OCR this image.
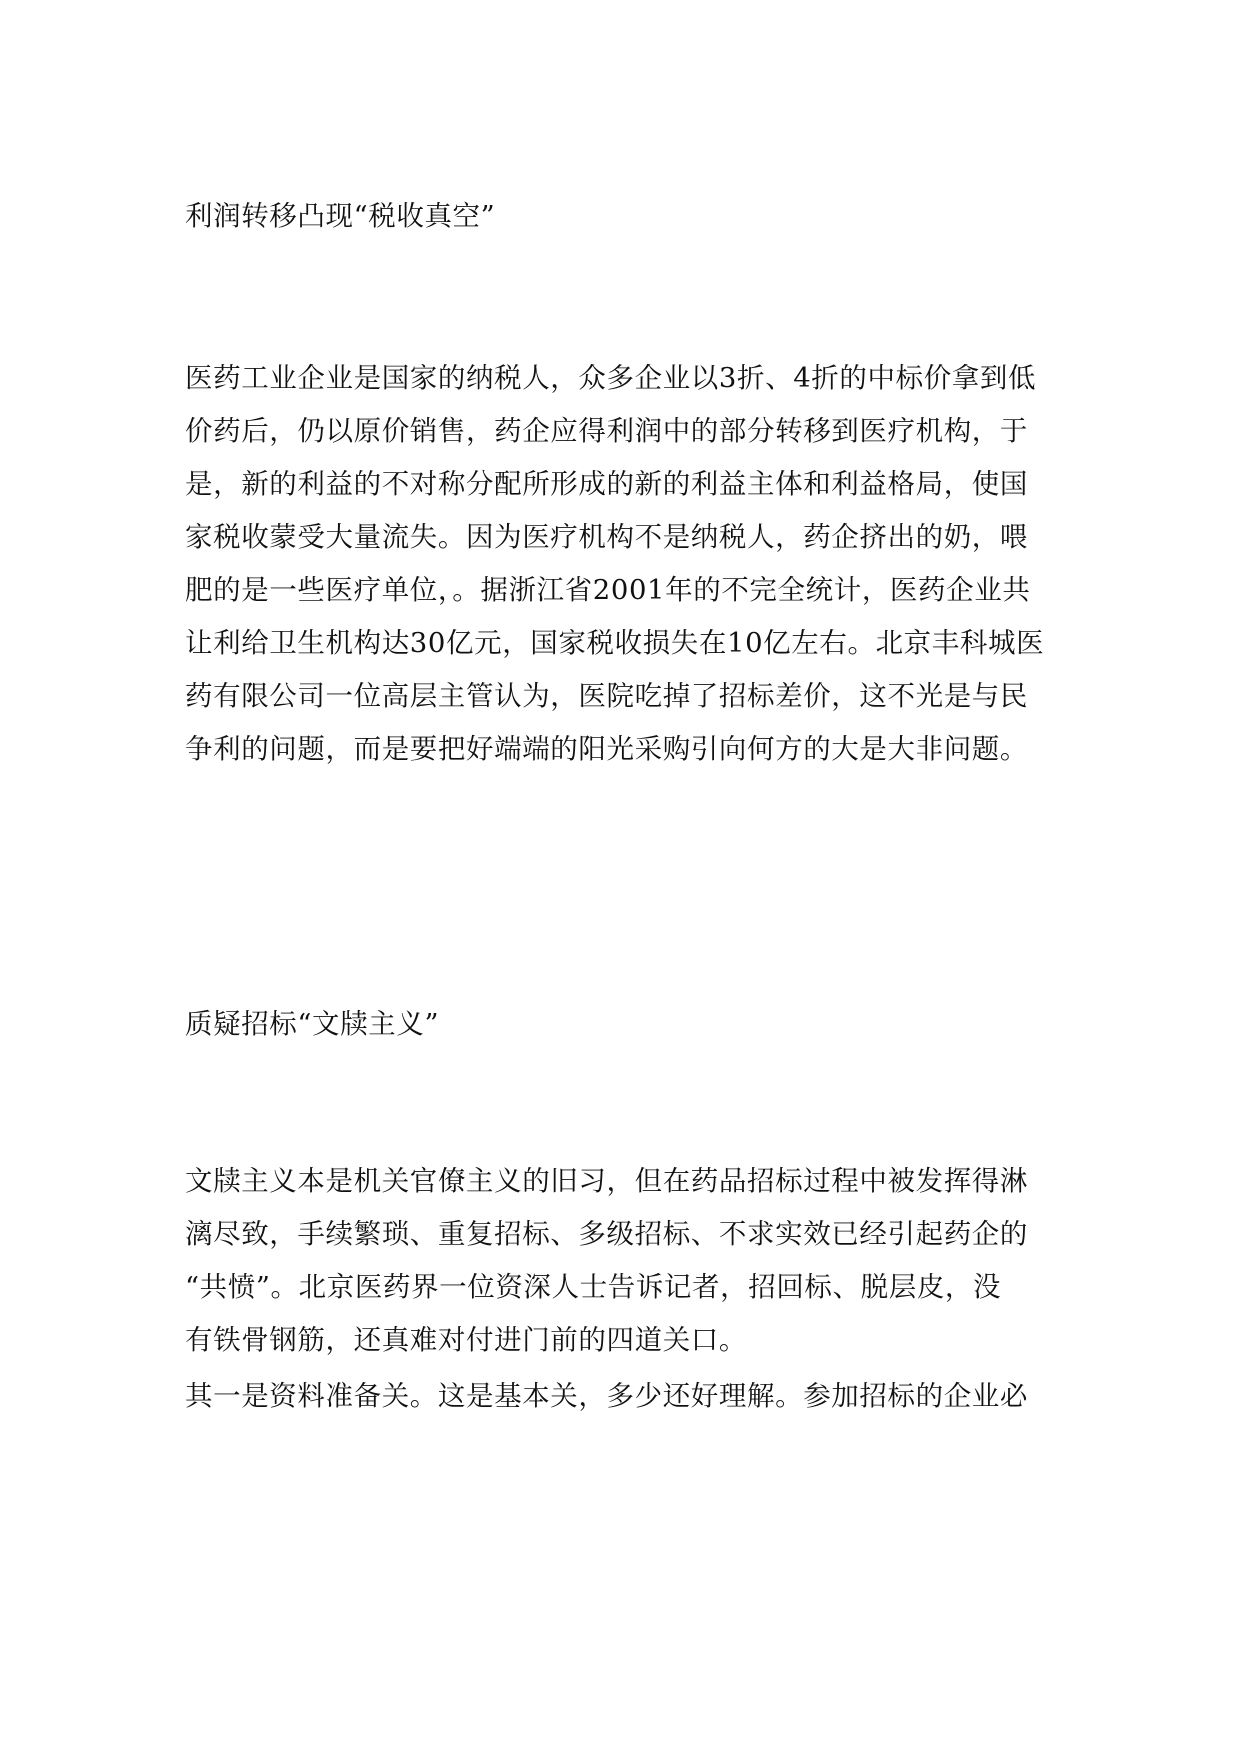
利润转移凸现“税收真空”
医药工业企业是国家的纳税人，众多企业以3折、4折的中标价拿到低
价药后，仍以原价销售，药企应得利润中的部分转移到医疗机构，于
是，新的利益的不对称分配所形成的新的利益主体和利益格局，使国
家税收蒙受大量流失。因为医疗机构不是纳税人，药企挤出的奶，喂
肥的是一些医疗单位，。据浙江省2001年的不完全统计，医药企业共
让利给卫生机构达30亿元，国家税收损失在10亿左右。北京丰科城医
药有限公司一位高层主管认为，医院吃掉了招标差价，这不光是与民
争利的问题，而是要把好端端的阳光采购引向何方的大是大非问题。
质疑招标“文牍主义”
文牍主义本是机关官僚主义的旧习，但在药品招标过程中被发挥得淋
漓尽致，手续繁琐、重复招标、多级招标、不求实效已经引起药企的
“共愤”。北京医药界一位资深人士告诉记者，招回标、脱层皮，没
有铁骨钢筋，还真难对付进门前的四道关口。
其一是资料准备关。这是基本关，多少还好理解。参加招标的企业必
